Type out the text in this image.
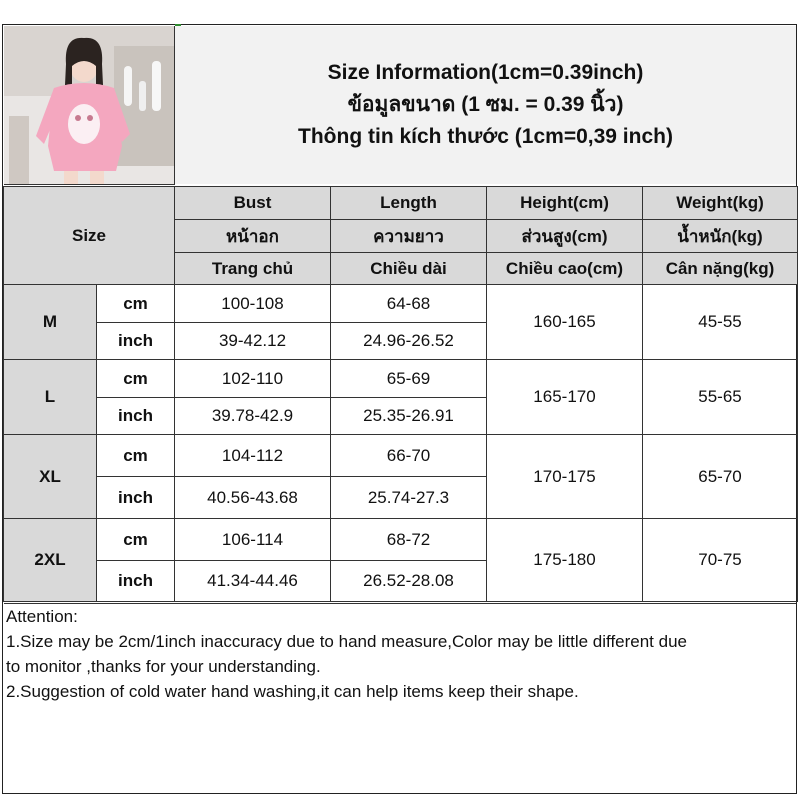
Size Information(1cm=0.39inch)
ข้อมูลขนาด (1 ซม. = 0.39 นิ้ว)
Thông tin kích thước (1cm=0,39 inch)
Size		Bust	Length	Height(cm)	Weight(kg)
		หน้าอก	ความยาว	ส่วนสูง(cm)	น้ำหนัก(kg)
		Trang chủ	Chiều dài	Chiều cao(cm)	Cân nặng(kg)
M	cm	100-108	64-68	160-165	45-55
	inch	39-42.12	24.96-26.52		
L	cm	102-110	65-69	165-170	55-65
	inch	39.78-42.9	25.35-26.91		
XL	cm	104-112	66-70	170-175	65-70
	inch	40.56-43.68	25.74-27.3		
2XL	cm	106-114	68-72	175-180	70-75
	inch	41.34-44.46	26.52-28.08		
Attention:
1.Size may be 2cm/1inch inaccuracy due to hand measure,Color may be little different due
to monitor ,thanks for your understanding.
2.Suggestion of cold water hand washing,it can help items keep their shape.
